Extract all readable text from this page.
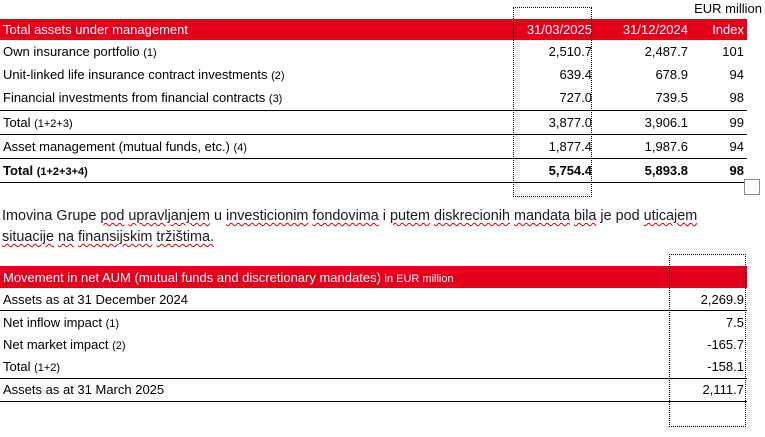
EUR million
Total assets under management	31/03/2025	31/12/2024	Index
Own insurance portfolio (1)	2,510.7	2,487.7	101
Unit-linked life insurance contract investments (2)	639.4	678.9	94
Financial investments from financial contracts (3)	727.0	739.5	98
Total (1+2+3)	3,877.0	3,906.1	99
Asset management (mutual funds, etc.) (4)	1,877.4	1,987.6	94
Total (1+2+3+4)	5,754.4	5,893.8	98
Imovina Grupe pod upravljanjem u investicionim fondovima i putem diskrecionih mandata bila je pod uticajem situacije na finansijskim tržištima.
Movement in net AUM (mutual funds and discretionary mandates) in EUR million	
Assets as at 31 December 2024	2,269.9
Net inflow impact (1)	7.5
Net market impact (2)	-165.7
Total (1+2)	-158.1
Assets as at 31 March 2025	2,111.7
